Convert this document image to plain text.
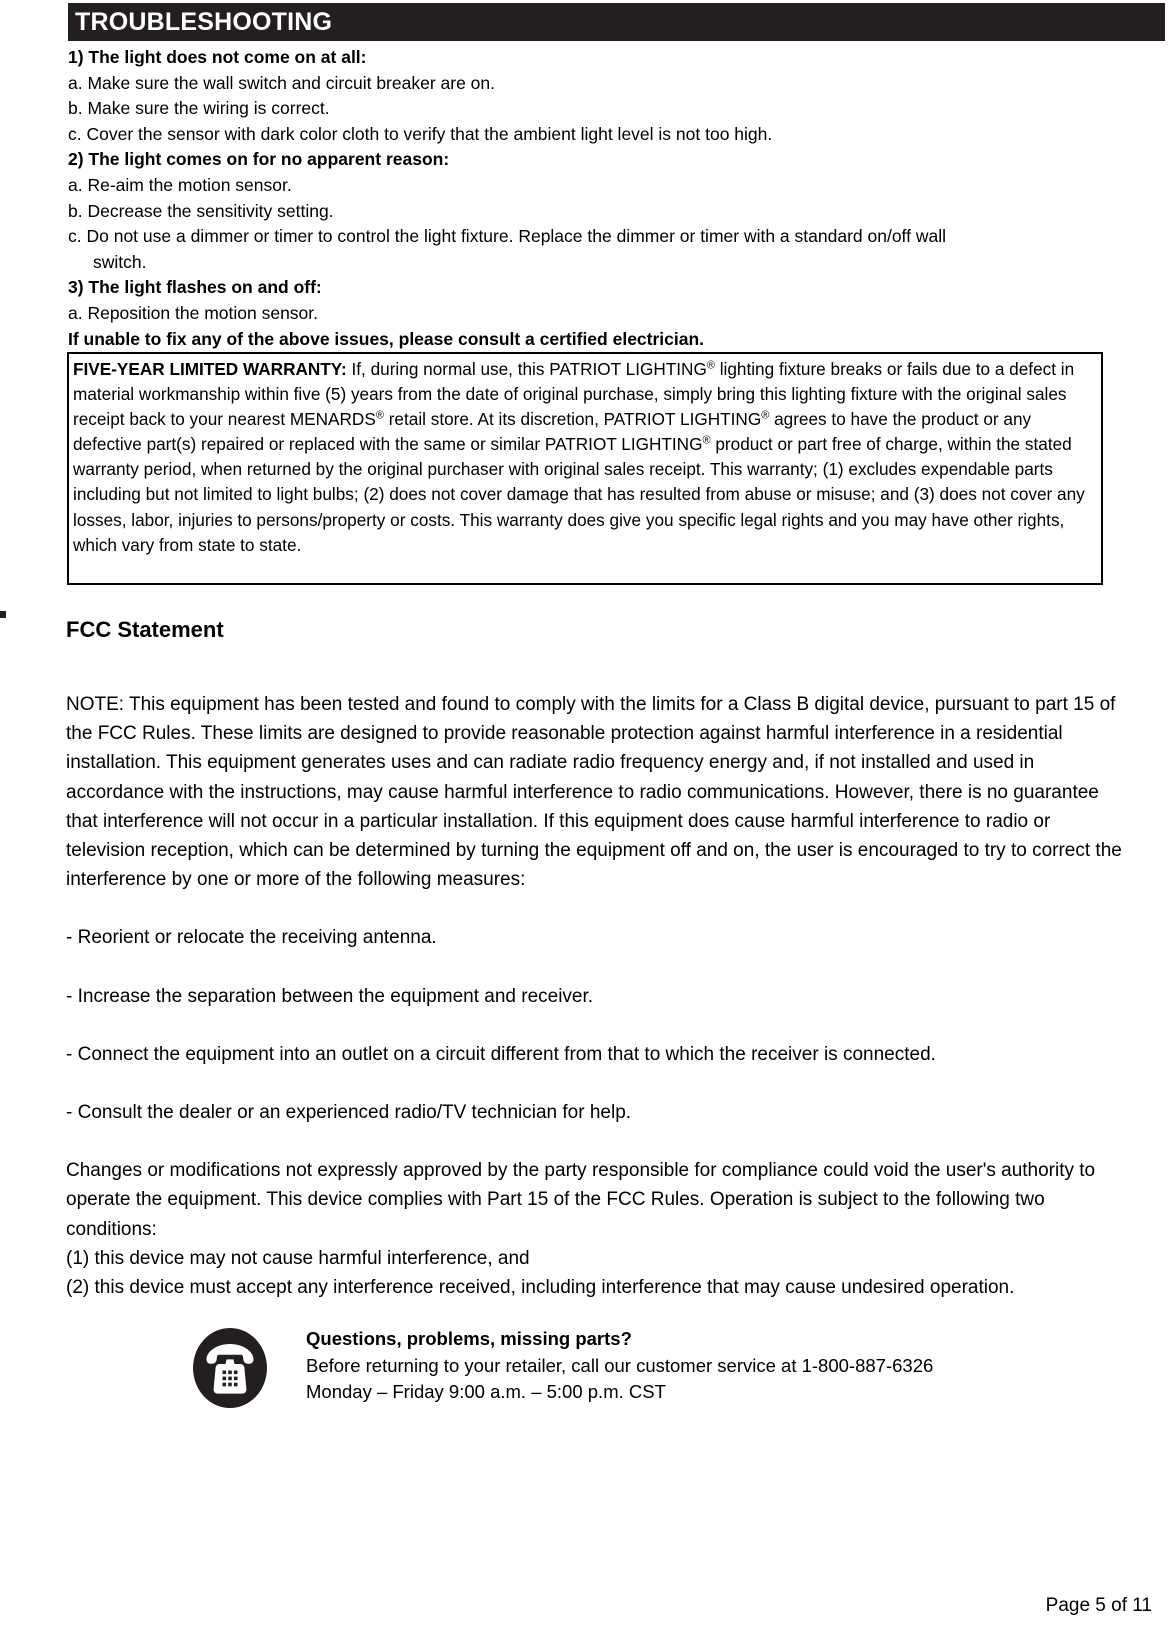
TROUBLESHOOTING
1) The light does not come on at all:
a. Make sure the wall switch and circuit breaker are on.
b. Make sure the wiring is correct.
c. Cover the sensor with dark color cloth to verify that the ambient light level is not too high.
2) The light comes on for no apparent reason:
a. Re-aim the motion sensor.
b. Decrease the sensitivity setting.
c. Do not use a dimmer or timer to control the light fixture. Replace the dimmer or timer with a standard on/off wall
switch.
3) The light flashes on and off:
a. Reposition the motion sensor.
If unable to fix any of the above issues, please consult a certified electrician.
FIVE-YEAR LIMITED WARRANTY: If, during normal use, this PATRIOT LIGHTING® lighting fixture breaks or fails due to a defect in material workmanship within five (5) years from the date of original purchase, simply bring this lighting fixture with the original sales receipt back to your nearest MENARDS® retail store. At its discretion, PATRIOT LIGHTING® agrees to have the product or any defective part(s) repaired or replaced with the same or similar PATRIOT LIGHTING® product or part free of charge, within the stated warranty period, when returned by the original purchaser with original sales receipt. This warranty; (1) excludes expendable parts including but not limited to light bulbs; (2) does not cover damage that has resulted from abuse or misuse; and (3) does not cover any losses, labor, injuries to persons/property or costs. This warranty does give you specific legal rights and you may have other rights, which vary from state to state.
FCC Statement
NOTE: This equipment has been tested and found to comply with the limits for a Class B digital device, pursuant to part 15 of the FCC Rules. These limits are designed to provide reasonable protection against harmful interference in a residential installation. This equipment generates uses and can radiate radio frequency energy and, if not installed and used in accordance with the instructions, may cause harmful interference to radio communications. However, there is no guarantee that interference will not occur in a particular installation. If this equipment does cause harmful interference to radio or television reception, which can be determined by turning the equipment off and on, the user is encouraged to try to correct the interference by one or more of the following measures:
- Reorient or relocate the receiving antenna.
- Increase the separation between the equipment and receiver.
- Connect the equipment into an outlet on a circuit different from that to which the receiver is connected.
- Consult the dealer or an experienced radio/TV technician for help.
Changes or modifications not expressly approved by the party responsible for compliance could void the user's authority to operate the equipment. This device complies with Part 15 of the FCC Rules. Operation is subject to the following two conditions:
(1) this device may not cause harmful interference, and
(2) this device must accept any interference received, including interference that may cause undesired operation.
Questions, problems, missing parts?
Before returning to your retailer, call our customer service at 1-800-887-6326
Monday – Friday 9:00 a.m. – 5:00 p.m. CST
Page 5 of 11
